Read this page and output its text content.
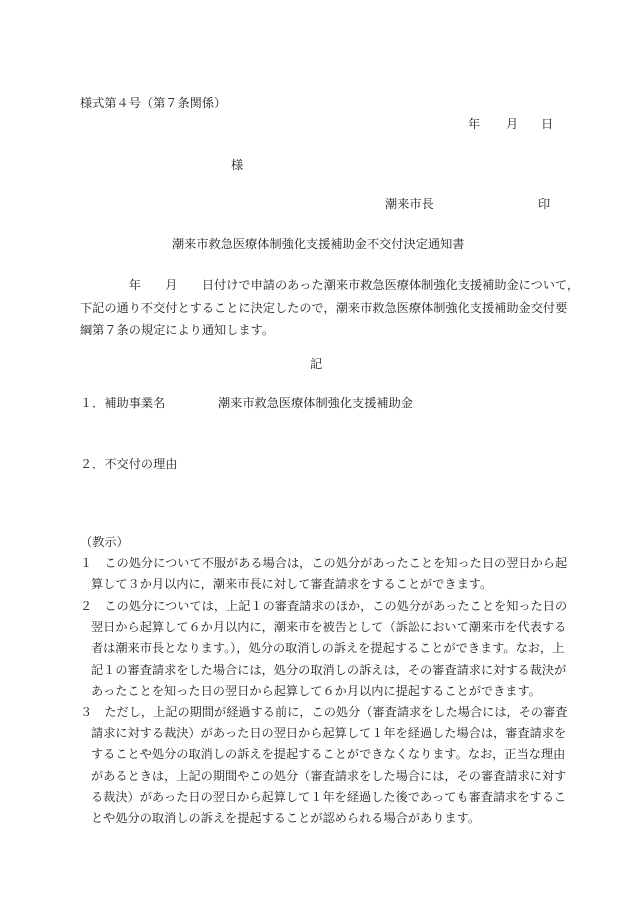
様式第４号（第７条関係）
年 月 日
様
潮来市長	印
潮来市救急医療体制強化支援補助金不交付決定通知書
　　　　年　　月　　日付けで申請のあった潮来市救急医療体制強化支援補助金について，
下記の通り不交付とすることに決定したので，潮来市救急医療体制強化支援補助金交付要
綱第７条の規定により通知します。
記
１．補助事業名	潮来市救急医療体制強化支援補助金
２．不交付の理由
（教示）
１　この処分について不服がある場合は，この処分があったことを知った日の翌日から起
算して３か月以内に，潮来市長に対して審査請求をすることができます。
２　この処分については，上記１の審査請求のほか，この処分があったことを知った日の
翌日から起算して６か月以内に，潮来市を被告として（訴訟において潮来市を代表する
者は潮来市長となります。），処分の取消しの訴えを提起することができます。なお，上
記１の審査請求をした場合には，処分の取消しの訴えは，その審査請求に対する裁決が
あったことを知った日の翌日から起算して６か月以内に提起することができます。
３　ただし，上記の期間が経過する前に，この処分（審査請求をした場合には，その審査
請求に対する裁決）があった日の翌日から起算して１年を経過した場合は，審査請求を
することや処分の取消しの訴えを提起することができなくなります。なお，正当な理由
があるときは，上記の期間やこの処分（審査請求をした場合には，その審査請求に対す
る裁決）があった日の翌日から起算して１年を経過した後であっても審査請求をするこ
とや処分の取消しの訴えを提起することが認められる場合があります。
